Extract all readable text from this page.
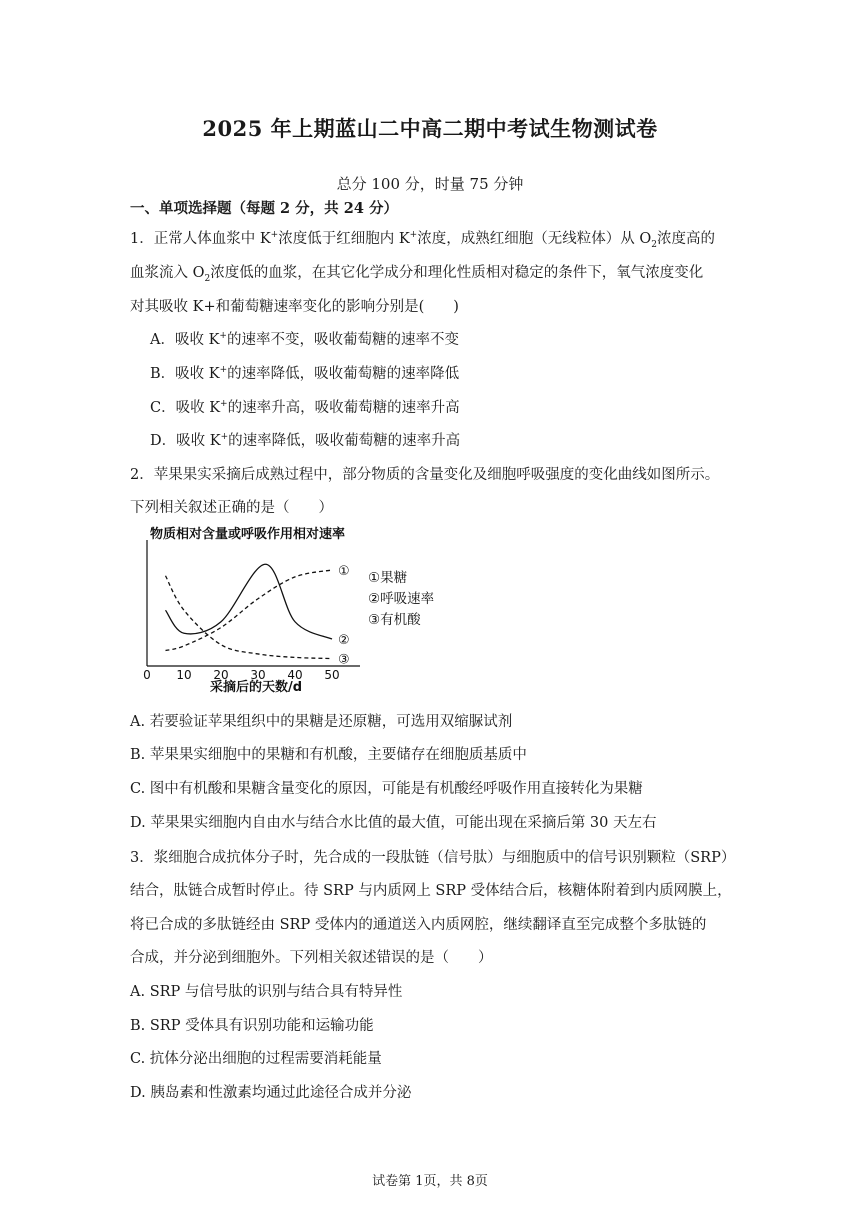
2025 年上期蓝山二中高二期中考试生物测试卷
总分 100 分，时量 75 分钟
一、单项选择题（每题 2 分，共 24 分）
1．正常人体血浆中 K+浓度低于红细胞内 K+浓度，成熟红细胞（无线粒体）从 $O_2$浓度高的
血浆流入 $O_2$浓度低的血浆，在其它化学成分和理化性质相对稳定的条件下，氧气浓度变化
对其吸收 K+和葡萄糖速率变化的影响分别是(　　)
A．吸收 K+的速率不变，吸收葡萄糖的速率不变
B．吸收 K+的速率降低，吸收葡萄糖的速率降低
C．吸收 K+的速率升高，吸收葡萄糖的速率升高
D．吸收 K+的速率降低，吸收葡萄糖的速率升高
2．苹果果实采摘后成熟过程中，部分物质的含量变化及细胞呼吸强度的变化曲线如图所示。
下列相关叙述正确的是（　　）
物质相对含量或呼吸作用相对速率
0 10 20 30 40 50
①
②
③
①果糖
②呼吸速率
③有机酸
采摘后的天数/d
A. 若要验证苹果组织中的果糖是还原糖，可选用双缩脲试剂
B. 苹果果实细胞中的果糖和有机酸，主要储存在细胞质基质中
C. 图中有机酸和果糖含量变化的原因，可能是有机酸经呼吸作用直接转化为果糖
D. 苹果果实细胞内自由水与结合水比值的最大值，可能出现在采摘后第 30 天左右
3．浆细胞合成抗体分子时，先合成的一段肽链（信号肽）与细胞质中的信号识别颗粒（SRP）
结合，肽链合成暂时停止。待 SRP 与内质网上 SRP 受体结合后，核糖体附着到内质网膜上，
将已合成的多肽链经由 SRP 受体内的通道送入内质网腔，继续翻译直至完成整个多肽链的
合成，并分泌到细胞外。下列相关叙述错误的是（　　）
A. SRP 与信号肽的识别与结合具有特异性
B. SRP 受体具有识别功能和运输功能
C. 抗体分泌出细胞的过程需要消耗能量
D. 胰岛素和性激素均通过此途径合成并分泌
试卷第 1页，共 8页
